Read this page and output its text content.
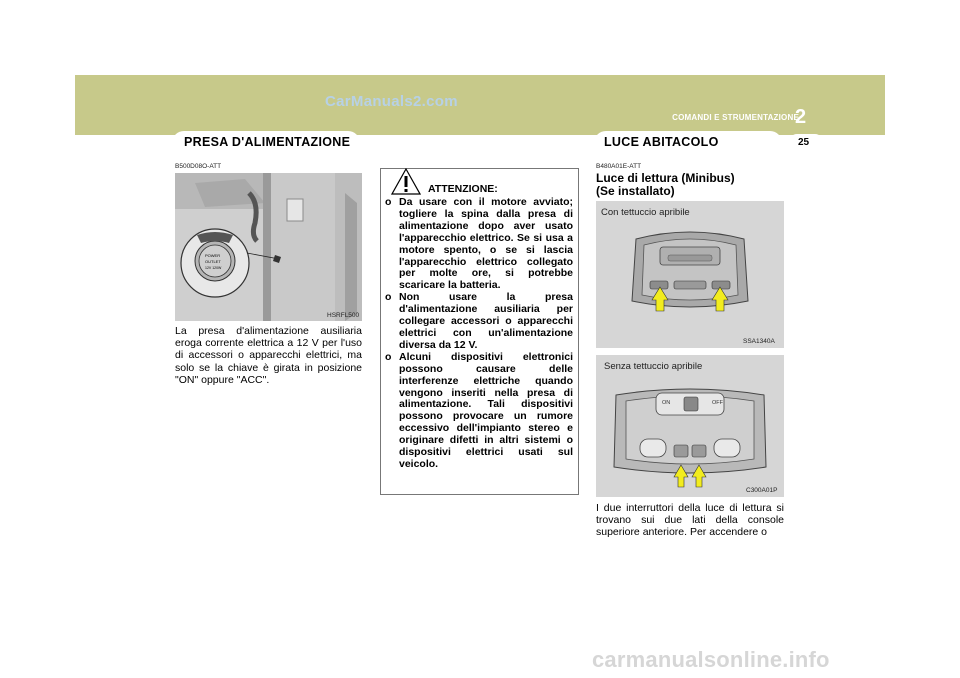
CarManuals2.com
COMANDI E STRUMENTAZIONE
2
25
PRESA D'ALIMENTAZIONE	LUCE ABITACOLO
B500D08O-ATT
POWER
OUTLET
12V 120W
HSRFL500
La presa d'alimentazione ausiliaria eroga corrente elettrica a 12 V per l'uso di accessori o apparecchi elettrici, ma solo se la chiave è girata in posizione "ON" oppure "ACC".
ATTENZIONE:

o Da usare con il motore avviato; togliere la spina dalla presa di alimentazione dopo aver usato l'apparecchio elettrico. Se si usa a motore spento, o se si lascia l'apparecchio elettrico collegato per molte ore, si potrebbe scaricare la batteria.

o Non usare la presa d'alimentazione ausiliaria per collegare accessori o apparecchi elettrici con un'alimentazione diversa da 12 V.

o Alcuni dispositivi elettronici possono causare delle interferenze elettriche quando vengono inseriti nella presa di alimentazione. Tali dispositivi possono provocare un rumore eccessivo dell'impianto stereo e originare difetti in altri sistemi o dispositivi elettrici usati sul veicolo.

B480A01E-ATT
Luce di lettura (Minibus)
(Se installato)
Con tettuccio apribile
SSA1340A
Senza tettuccio apribile
ON	OFF
C300A01P
I due interruttori della luce di lettura si trovano sui due lati della console superiore anteriore. Per accendere o
carmanualsonline.info
